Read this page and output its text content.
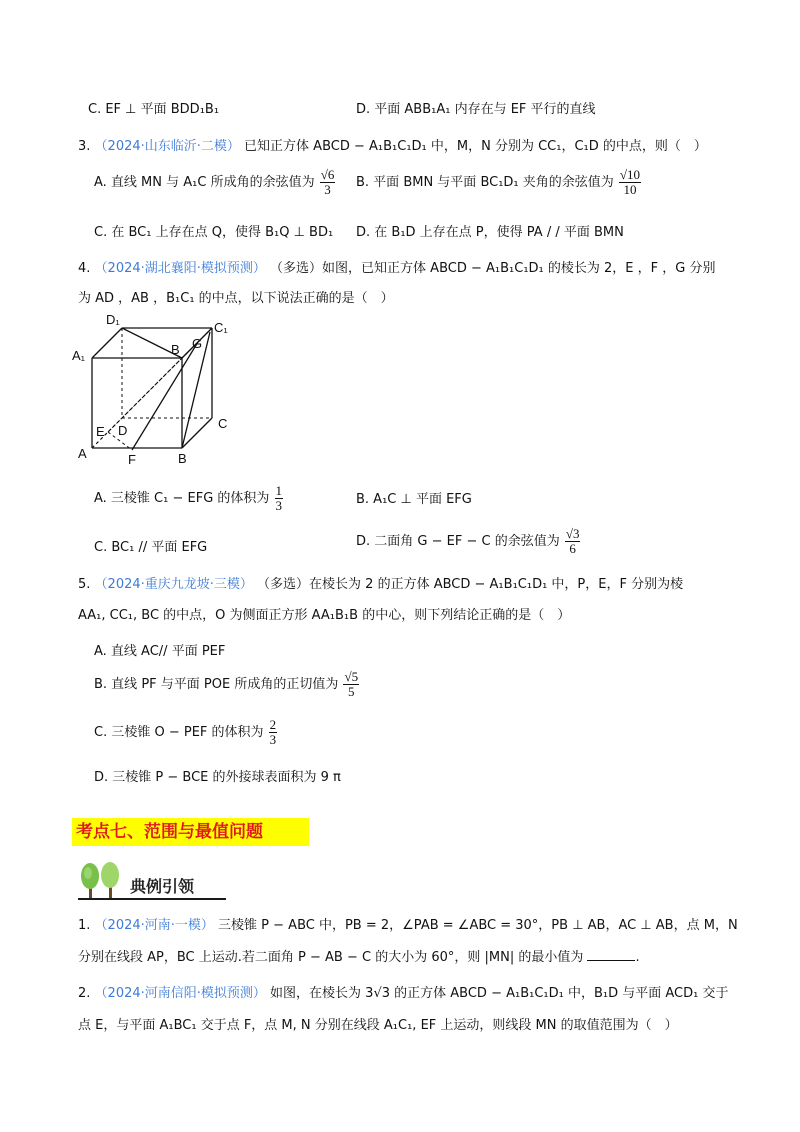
C. EF ⊥ 平面 BDD₁B₁	D. 平面 ABB₁A₁ 内存在与 EF 平行的直线
3. （2024·山东临沂·二模） 已知正方体 ABCD − A₁B₁C₁D₁ 中，M，N 分别为 CC₁，C₁D 的中点，则（　）
A. 直线 MN 与 A₁C 所成角的余弦值为 $\frac{√6}{3} B$. 平面 BMN 与平面 BC₁D₁ 夹角的余弦值为 $\frac{√10}{10}$
C. 在 BC₁ 上存在点 Q，使得 B₁Q ⊥ BD₁ D. 在 B₁D 上存在点 P，使得 PA / / 平面 BMN
4. （2024·湖北襄阳·模拟预测） （多选）如图，已知正方体 ABCD − A₁B₁C₁D₁ 的棱长为 2，E ，F ，G 分别
为 AD ，AB ，B₁C₁ 的中点，以下说法正确的是（　）
D₁
C₁
A₁	B G
E D	C
A	F	B
A. 三棱锥 C₁ − EFG 的体积为 $\frac{1}{3}$	B. A₁C ⊥ 平面 EFG
C. BC₁ // 平面 EFG	D. 二面角 G − EF − C 的余弦值为 $\frac{√3}{6}$
5. （2024·重庆九龙坡·三模） （多选）在棱长为 2 的正方体 ABCD − A₁B₁C₁D₁ 中，P，E，F 分别为棱
AA₁, CC₁, BC 的中点，O 为侧面正方形 AA₁B₁B 的中心，则下列结论正确的是（　）
A. 直线 AC// 平面 PEF
B. 直线 PF 与平面 POE 所成角的正切值为 $\frac{√5}{5}$
C. 三棱锥 O − PEF 的体积为 $\frac{2}{3}$
D. 三棱锥 P − BCE 的外接球表面积为 9 π
考点七、范围与最值问题
典例引领
1. （2024·河南·一模） 三棱锥 P − ABC 中，PB = 2，∠PAB = ∠ABC = 30°，PB ⊥ AB，AC ⊥ AB，点 M，N
分别在线段 AP，BC 上运动.若二面角 P − AB − C 的大小为 60°，则 |MN| 的最小值为	.
2. （2024·河南信阳·模拟预测） 如图，在棱长为 3√3 的正方体 ABCD − A₁B₁C₁D₁ 中，B₁D 与平面 ACD₁ 交于
点 E，与平面 A₁BC₁ 交于点 F，点 M, N 分别在线段 A₁C₁, EF 上运动，则线段 MN 的取值范围为（　）
